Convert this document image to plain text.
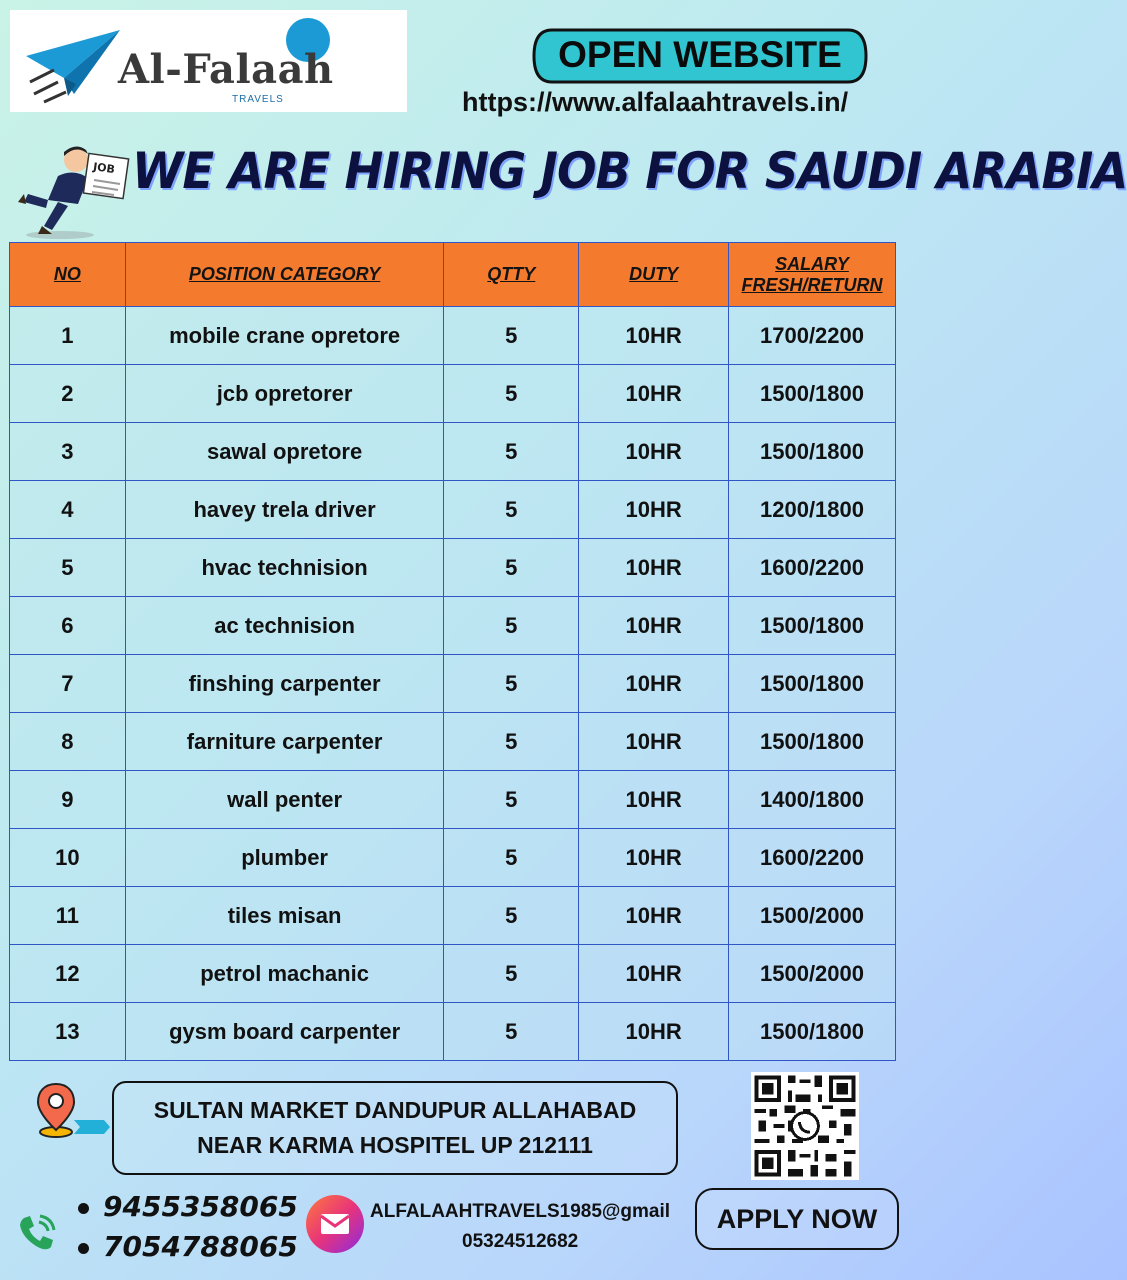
Al-Falaah
TRAVELS
OPEN WEBSITE
https://www.alfalaahtravels.in/
JOB WE ARE HIRING JOB FOR SAUDI ARABIA
NO	POSITION CATEGORY	QTTY	DUTY	SALARY
FRESH/RETURN

1	mobile crane opretore	5	10HR	1700/2200
2	jcb opretorer	5	10HR	1500/1800
3	sawal opretore	5	10HR	1500/1800
4	havey trela driver	5	10HR	1200/1800
5	hvac technision	5	10HR	1600/2200
6	ac technision	5	10HR	1500/1800
7	finshing carpenter	5	10HR	1500/1800
8	farniture carpenter	5	10HR	1500/1800
9	wall penter	5	10HR	1400/1800
10	plumber	5	10HR	1600/2200
11	tiles misan	5	10HR	1500/2000
12	petrol machanic	5	10HR	1500/2000
13	gysm board carpenter	5	10HR	1500/1800
SULTAN MARKET DANDUPUR ALLAHABAD
NEAR KARMA HOSPITEL UP 212111
9455358065
7054788065
ALFALAAHTRAVELS1985@gmail
05324512682
APPLY NOW
